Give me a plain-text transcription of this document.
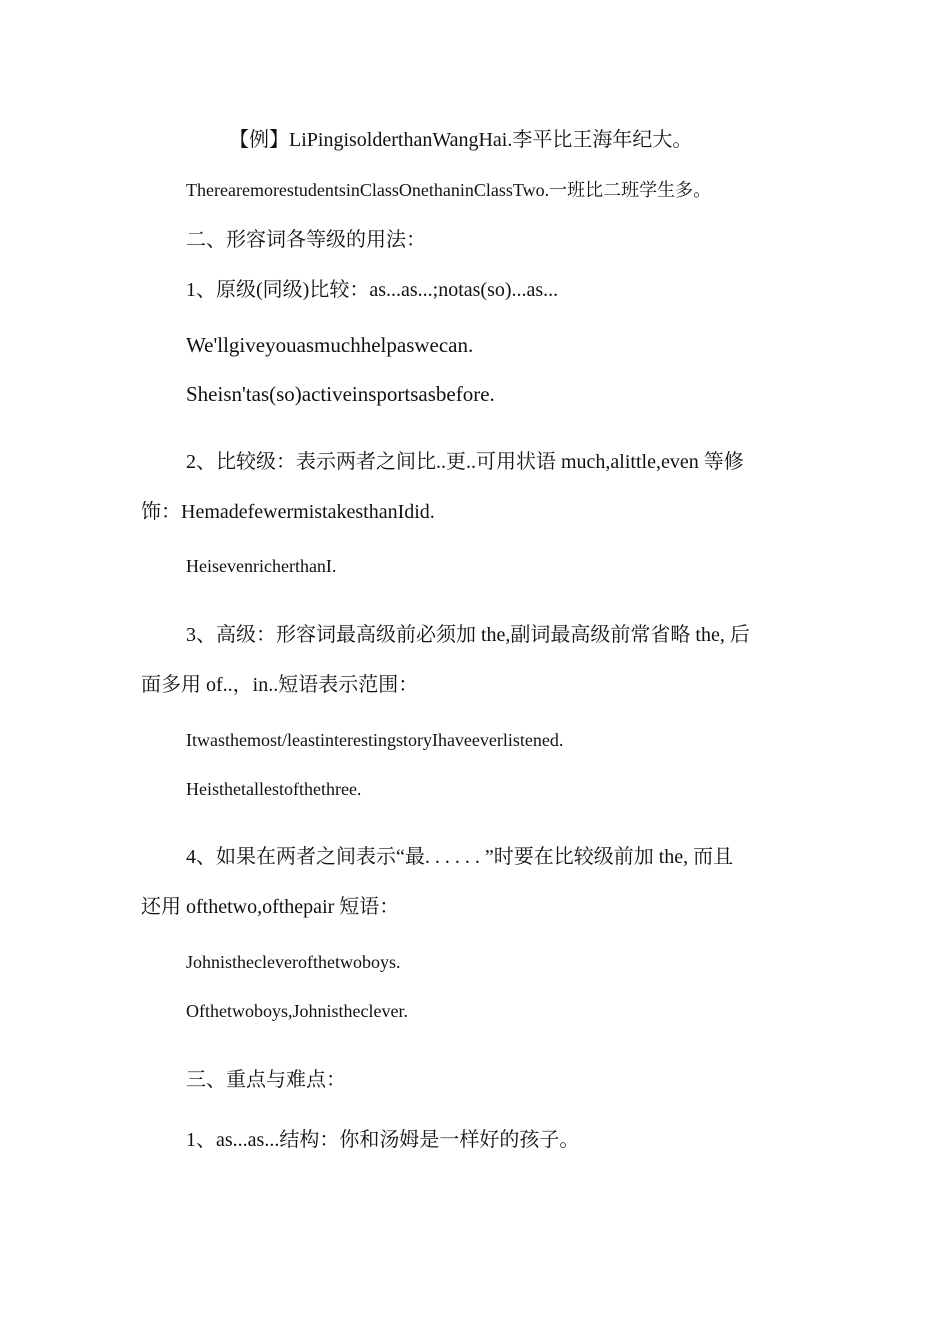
【例】LiPingisolderthanWangHai.李平比王海年纪大。
TherearemorestudentsinClassOnethaninClassTwo.一班比二班学生多。
二、形容词各等级的用法：
1、原级(同级)比较：as...as...;notas(so)...as...
We'llgiveyouasmuchhelpaswecan.
Sheisn'tas(so)activeinsportsasbefore.
2、比较级：表示两者之间比..更..可用状语 much,alittle,even 等修
饰：HemadefewermistakesthanIdid.
HeisevenricherthanI.
3、高级：形容词最高级前必须加 the,副词最高级前常省略 the, 后
面多用 of..，in..短语表示范围：
Itwasthemost/leastinterestingstoryIhaveeverlistened.
Heisthetallestofthethree.
4、如果在两者之间表示“最. . . . . . ”时要在比较级前加 the, 而且
还用 ofthetwo,ofthepair 短语：
Johnisthecleverofthetwoboys.
Ofthetwoboys,Johnistheclever.
三、重点与难点：
1、as...as...结构：你和汤姆是一样好的孩子。
